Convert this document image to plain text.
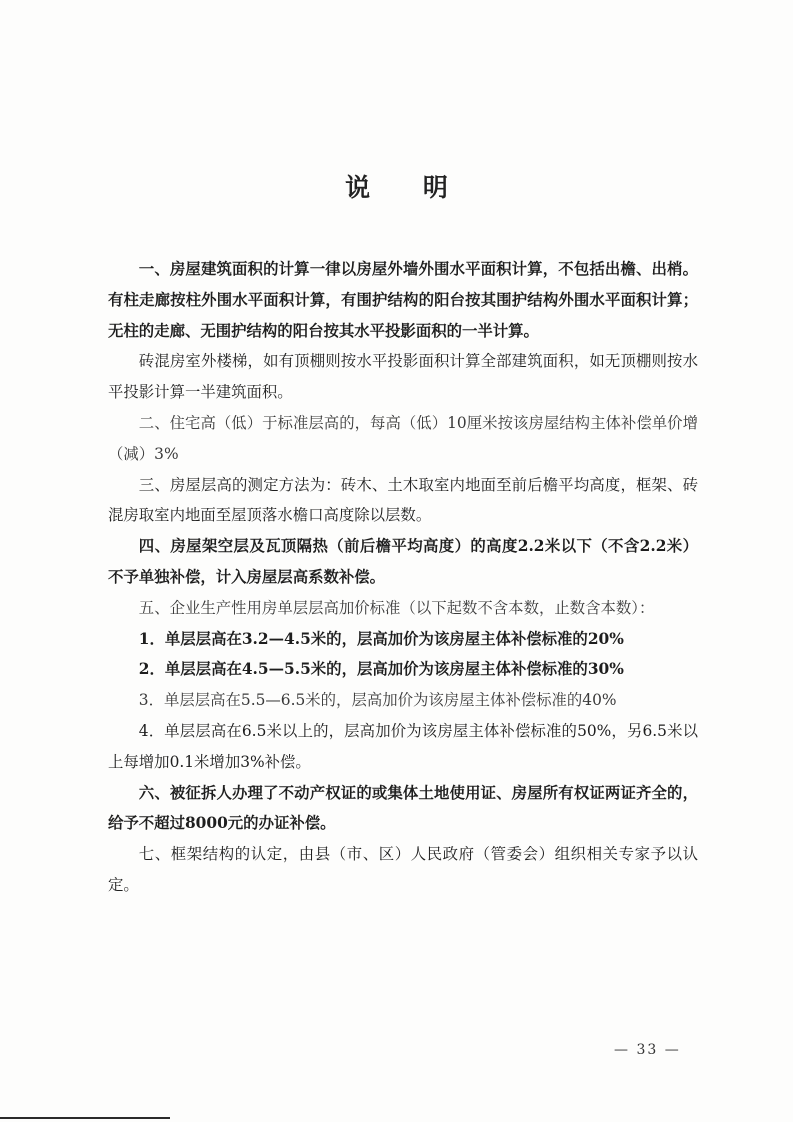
说 明

一、房屋建筑面积的计算一律以房屋外墙外围水平面积计算，不包括出檐、出梢。有柱走廊按柱外围水平面积计算，有围护结构的阳台按其围护结构外围水平面积计算；无柱的走廊、无围护结构的阳台按其水平投影面积的一半计算。

砖混房室外楼梯，如有顶棚则按水平投影面积计算全部建筑面积，如无顶棚则按水平投影计算一半建筑面积。

二、住宅高（低）于标准层高的，每高（低）10厘米按该房屋结构主体补偿单价增（减）3%

三、房屋层高的测定方法为：砖木、土木取室内地面至前后檐平均高度，框架、砖混房取室内地面至屋顶落水檐口高度除以层数。

四、房屋架空层及瓦顶隔热（前后檐平均高度）的高度2.2米以下（不含2.2米）不予单独补偿，计入房屋层高系数补偿。

五、企业生产性用房单层层高加价标准（以下起数不含本数，止数含本数）：

1．单层层高在3.2—4.5米的，层高加价为该房屋主体补偿标准的20%

2．单层层高在4.5—5.5米的，层高加价为该房屋主体补偿标准的30%

3．单层层高在5.5—6.5米的，层高加价为该房屋主体补偿标准的40%

4．单层层高在6.5米以上的，层高加价为该房屋主体补偿标准的50%，另6.5米以上每增加0.1米增加3%补偿。

六、被征拆人办理了不动产权证的或集体土地使用证、房屋所有权证两证齐全的，给予不超过8000元的办证补偿。

七、框架结构的认定，由县（市、区）人民政府（管委会）组织相关专家予以认定。

— 33 —
